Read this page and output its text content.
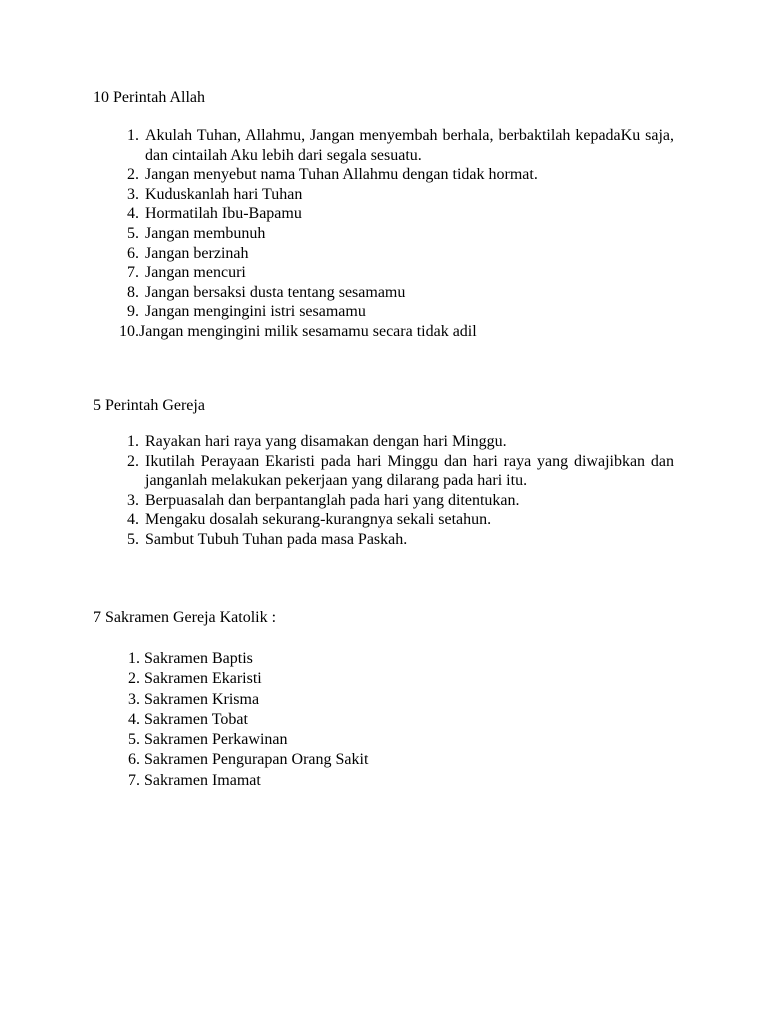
10 Perintah Allah
1. Akulah Tuhan, Allahmu, Jangan menyembah berhala, berbaktilah kepadaKu saja, dan cintailah Aku lebih dari segala sesuatu.
2. Jangan menyebut nama Tuhan Allahmu dengan tidak hormat.
3. Kuduskanlah hari Tuhan
4. Hormatilah Ibu-Bapamu
5. Jangan membunuh
6. Jangan berzinah
7. Jangan mencuri
8. Jangan bersaksi dusta tentang sesamamu
9. Jangan mengingini istri sesamamu
10. Jangan mengingini milik sesamamu secara tidak adil
5 Perintah Gereja
1. Rayakan hari raya yang disamakan dengan hari Minggu.
2. Ikutilah Perayaan Ekaristi pada hari Minggu dan hari raya yang diwajibkan dan janganlah melakukan pekerjaan yang dilarang pada hari itu.
3. Berpuasalah dan berpantanglah pada hari yang ditentukan.
4. Mengaku dosalah sekurang-kurangnya sekali setahun.
5. Sambut Tubuh Tuhan pada masa Paskah.
7 Sakramen Gereja Katolik :
1. Sakramen Baptis
2. Sakramen Ekaristi
3. Sakramen Krisma
4. Sakramen Tobat
5. Sakramen Perkawinan
6. Sakramen Pengurapan Orang Sakit
7. Sakramen Imamat
